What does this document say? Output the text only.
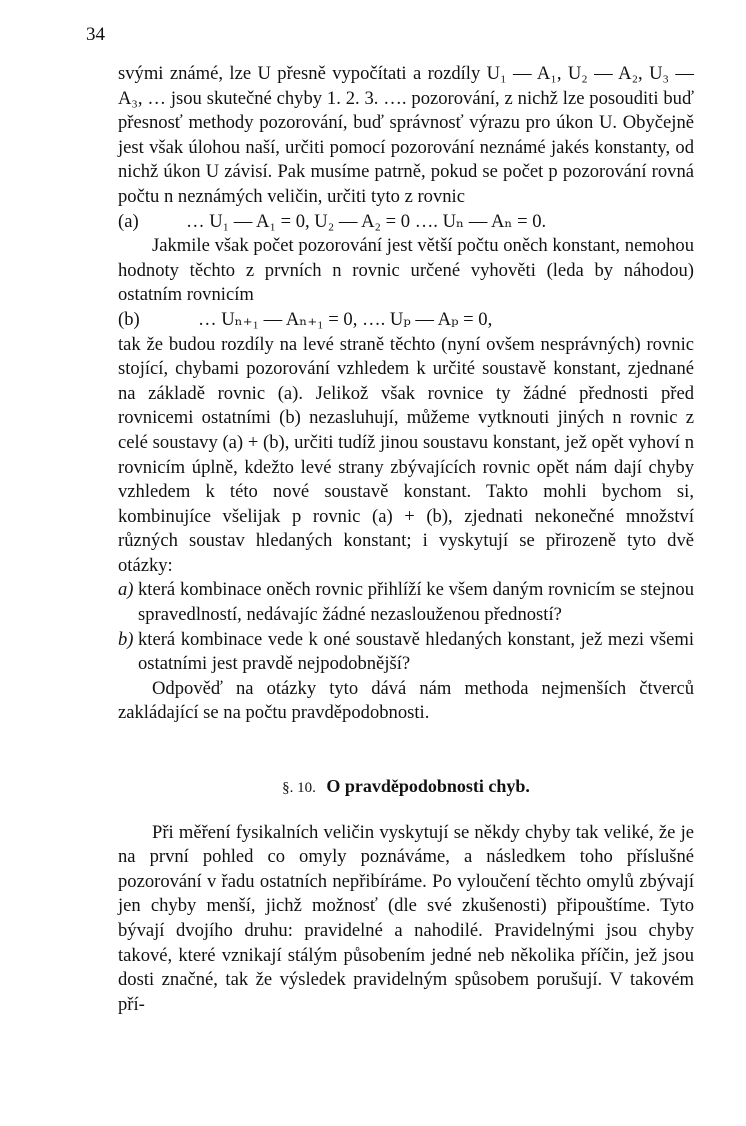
34

svými známé, lze U přesně vypočítati a rozdíly U₁ — A₁, U₂ — A₂, U₃ — A₃, … jsou skutečné chyby 1. 2. 3. …. pozorování, z nichž lze posouditi buď přesnosť methody pozorování, buď správnosť výrazu pro úkon U. Obyčejně jest však úlohou naší, určiti pomocí pozorování neznámé jakés konstanty, od nichž úkon U závisí. Pak musíme patrně, pokud se počet p pozorování rovná počtu n neznámých veličin, určiti tyto z rovnic

(a)	… U₁ — A₁ = 0, U₂ — A₂ = 0 …. Uₙ — Aₙ = 0.

Jakmile však počet pozorování jest větší počtu oněch konstant, nemohou hodnoty těchto z prvních n rovnic určené vyhověti (leda by náhodou) ostatním rovnicím

(b)	… Uₙ₊₁ — Aₙ₊₁ = 0, …. Uₚ — Aₚ = 0,

tak že budou rozdíly na levé straně těchto (nyní ovšem nesprávných) rovnic stojící, chybami pozorování vzhledem k určité soustavě konstant, zjednané na základě rovnic (a). Jelikož však rovnice ty žádné přednosti před rovnicemi ostatními (b) nezasluhují, můžeme vytknouti jiných n rovnic z celé soustavy (a) + (b), určiti tudíž jinou soustavu konstant, jež opět vyhoví n rovnicím úplně, kdežto levé strany zbývajících rovnic opět nám dají chyby vzhledem k této nové soustavě konstant. Takto mohli bychom si, kombinujíce všelijak p rovnic (a) + (b), zjednati nekonečné množství různých soustav hledaných konstant; i vyskytují se přirozeně tyto dvě otázky:

a) která kombinace oněch rovnic přihlíží ke všem daným rovnicím se stejnou spravedlností, nedávajíc žádné nezaslouženou předností?
b) která kombinace vede k oné soustavě hledaných konstant, jež mezi všemi ostatními jest pravdě nejpodobnější?

Odpověď na otázky tyto dává nám methoda nejmenších čtverců zakládající se na počtu pravděpodobnosti.

§. 10. O pravděpodobnosti chyb.

Při měření fysikalních veličin vyskytují se někdy chyby tak veliké, že je na první pohled co omyly poznáváme, a následkem toho příslušné pozorování v řadu ostatních nepřibíráme. Po vyloučení těchto omylů zbývají jen chyby menší, jichž možnosť (dle své zkušenosti) připouštíme. Tyto bývají dvojího druhu: pravidelné a nahodilé. Pravidelnými jsou chyby takové, které vznikají stálým působením jedné neb několika příčin, jež jsou dosti značné, tak že výsledek pravidelným spůsobem porušují. V takovém pří-
